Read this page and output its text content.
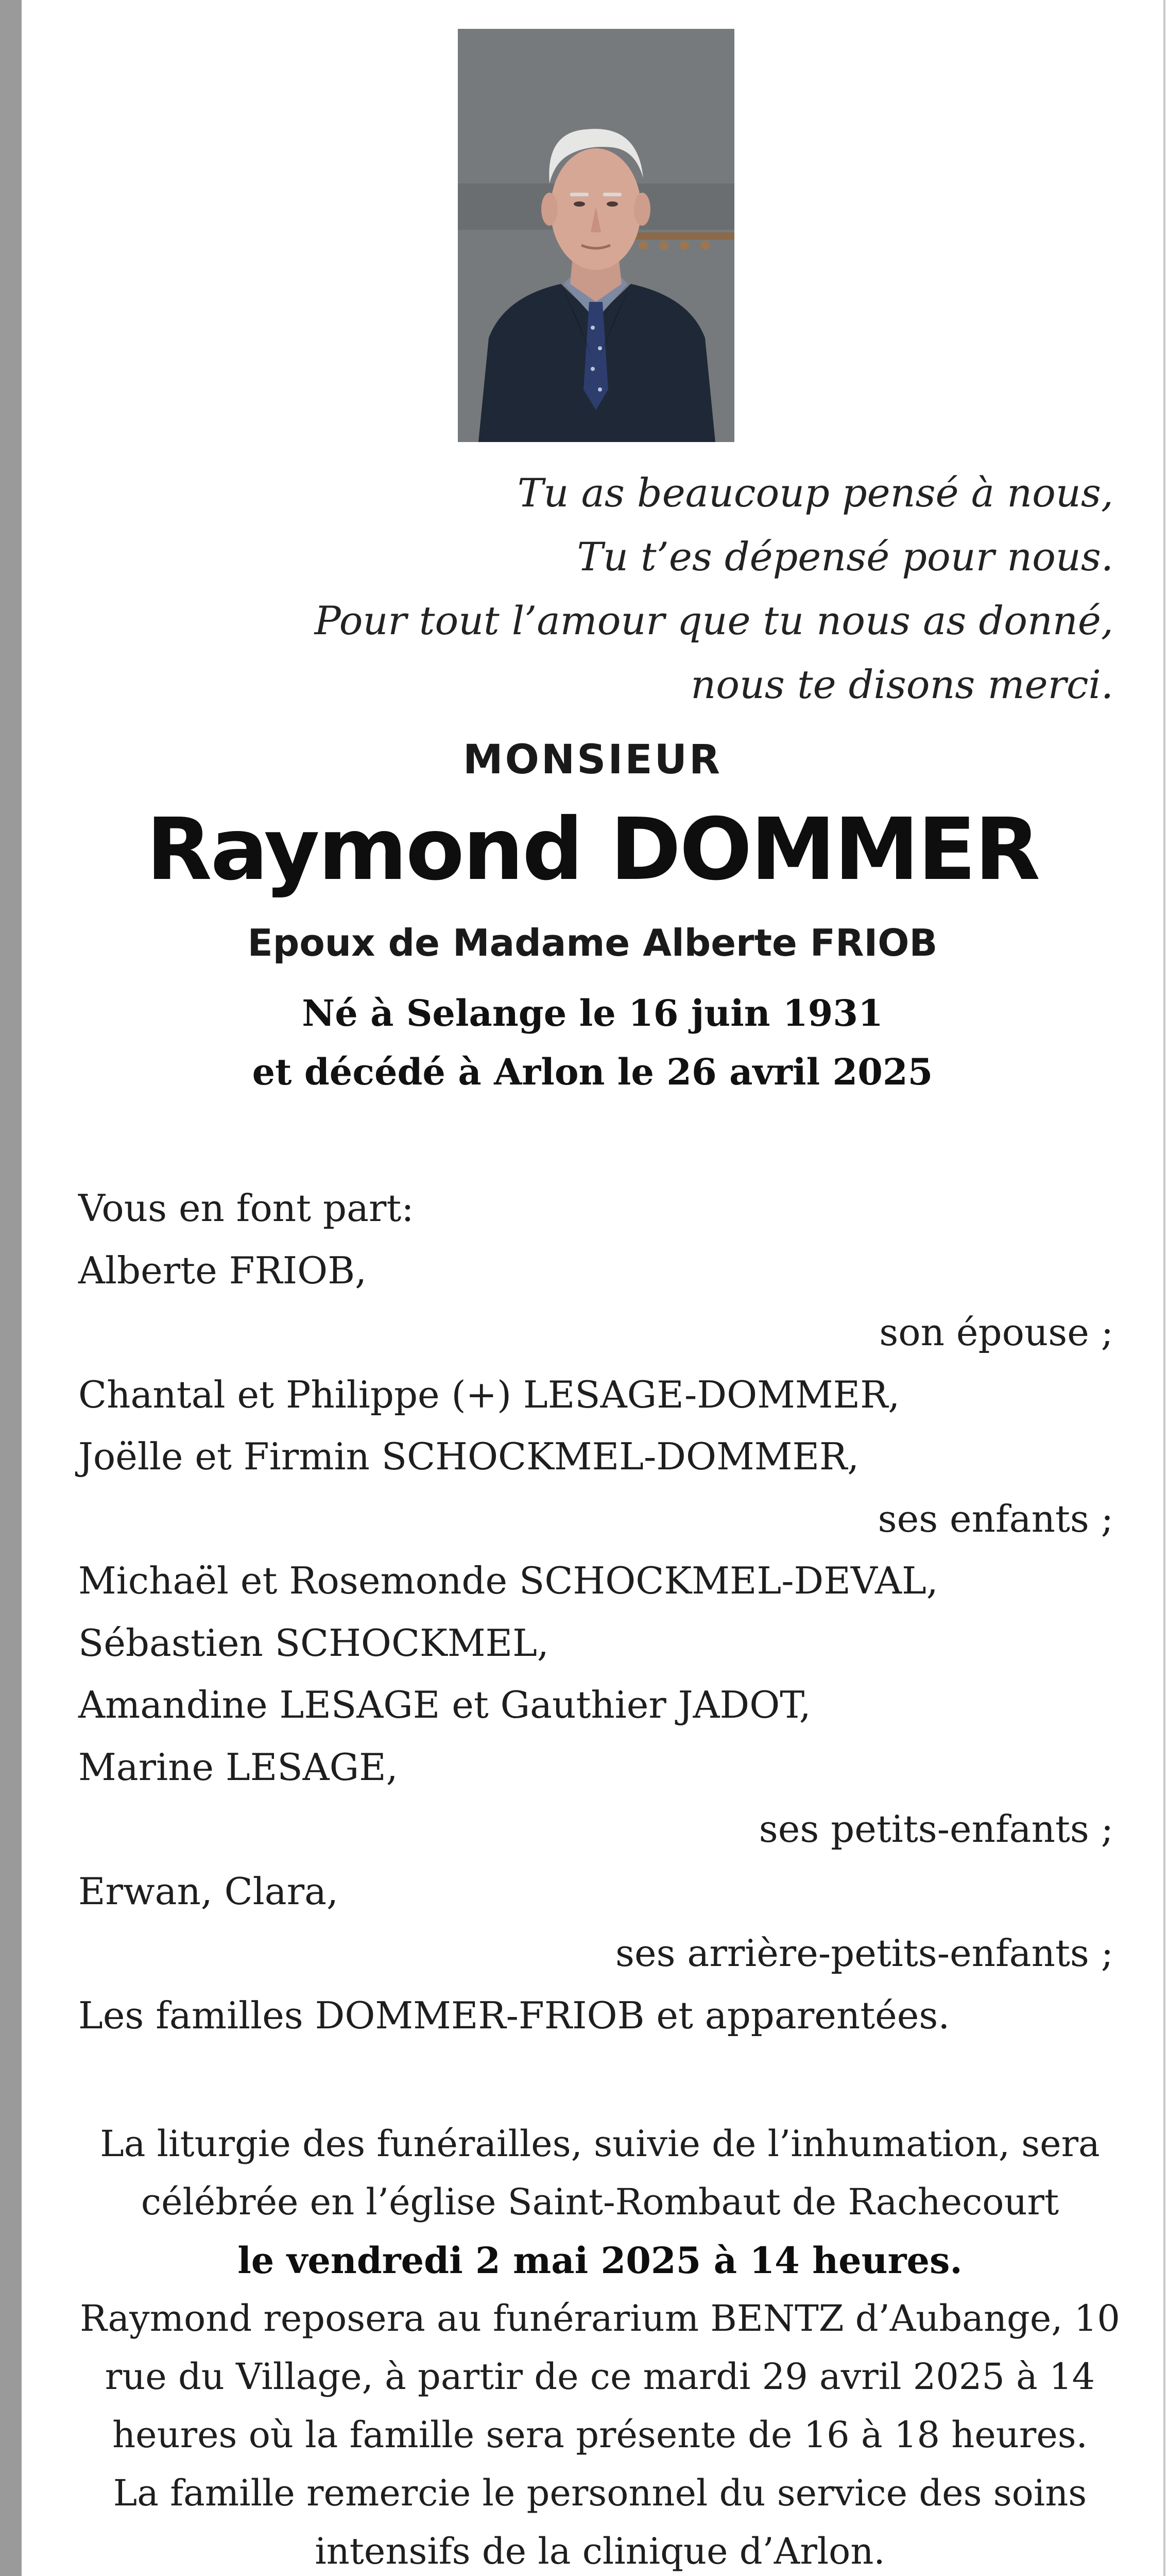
Tu as beaucoup pensé à nous,
Tu t’es dépensé pour nous.
Pour tout l’amour que tu nous as donné,
nous te disons merci.
MONSIEUR
Raymond DOMMER
Epoux de Madame Alberte FRIOB
Né à Selange le 16 juin 1931
et décédé à Arlon le 26 avril 2025
Vous en font part:
Alberte FRIOB,
son épouse ;
Chantal et Philippe (+) LESAGE-DOMMER,
Joëlle et Firmin SCHOCKMEL-DOMMER,
ses enfants ;
Michaël et Rosemonde SCHOCKMEL-DEVAL,
Sébastien SCHOCKMEL,
Amandine LESAGE et Gauthier JADOT,
Marine LESAGE,
ses petits-enfants ;
Erwan, Clara,
ses arrière-petits-enfants ;
Les familles DOMMER-FRIOB et apparentées.
La liturgie des funérailles, suivie de l’inhumation, sera
célébrée en l’église Saint-Rombaut de Rachecourt
le vendredi 2 mai 2025 à 14 heures.
Raymond reposera au funérarium BENTZ d’Aubange, 10
rue du Village, à partir de ce mardi 29 avril 2025 à 14
heures où la famille sera présente de 16 à 18 heures.
La famille remercie le personnel du service des soins
intensifs de la clinique d’Arlon.
